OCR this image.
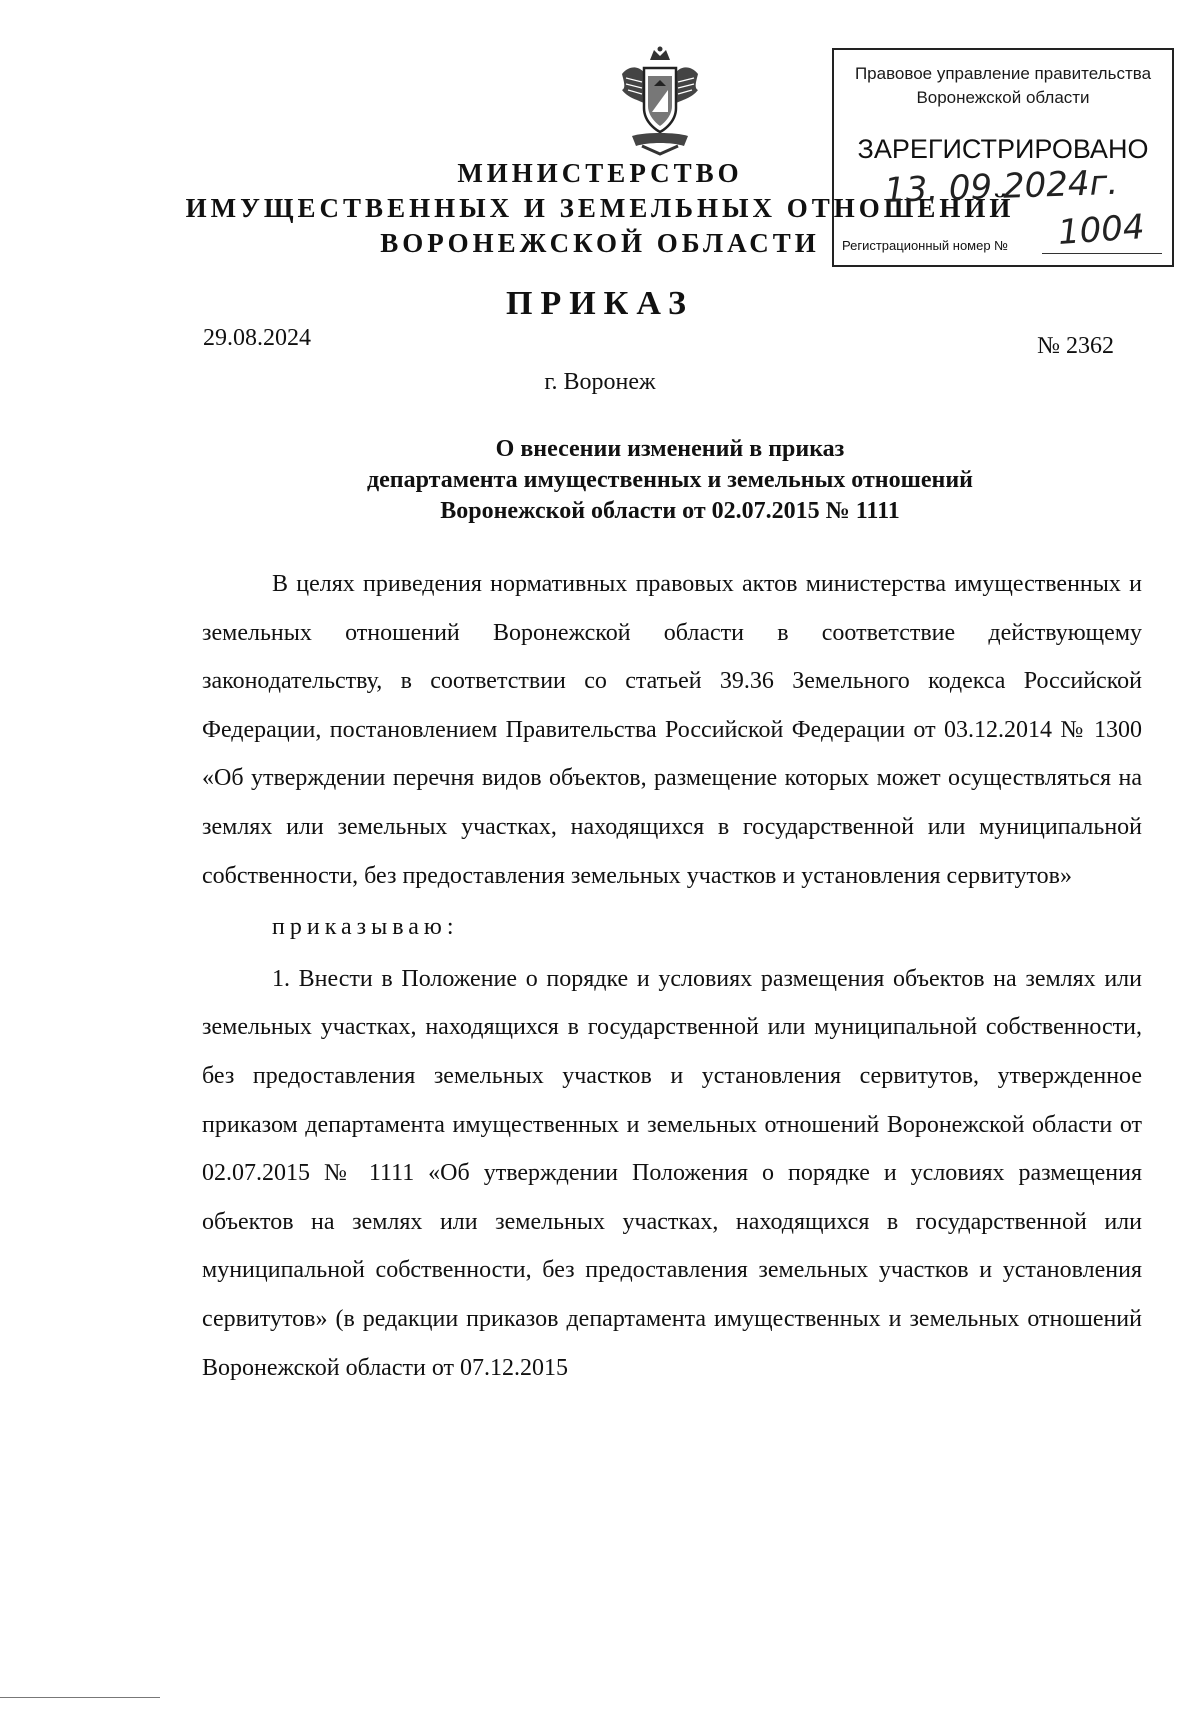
МИНИСТЕРСТВО
ИМУЩЕСТВЕННЫХ И ЗЕМЕЛЬНЫХ ОТНОШЕНИЙ
ВОРОНЕЖСКОЙ ОБЛАСТИ
Правовое управление правительства
Воронежской области
ЗАРЕГИСТРИРОВАНО
13. 09 2024г.
Регистрационный номер № 1004
ПРИКАЗ
29.08.2024	№ 2362
г. Воронеж
О внесении изменений в приказ
департамента имущественных и земельных отношений
Воронежской области от 02.07.2015 № 1111

В целях приведения нормативных правовых актов министерства имущественных и земельных отношений Воронежской области в соответствие действующему законодательству, в соответствии со статьей 39.36 Земельного кодекса Российской Федерации, постановлением Правительства Российской Федерации от 03.12.2014 № 1300 «Об утверждении перечня видов объектов, размещение которых может осуществляться на землях или земельных участках, находящихся в государственной или муниципальной собственности, без предоставления земельных участков и установления сервитутов»

приказываю:

1. Внести в Положение о порядке и условиях размещения объектов на землях или земельных участках, находящихся в государственной или муниципальной собственности, без предоставления земельных участков и установления сервитутов, утвержденное приказом департамента имущественных и земельных отношений Воронежской области от 02.07.2015 № 1111 «Об утверждении Положения о порядке и условиях размещения объектов на землях или земельных участках, находящихся в государственной или муниципальной собственности, без предоставления земельных участков и установления сервитутов» (в редакции приказов департамента имущественных и земельных отношений Воронежской области от 07.12.2015
